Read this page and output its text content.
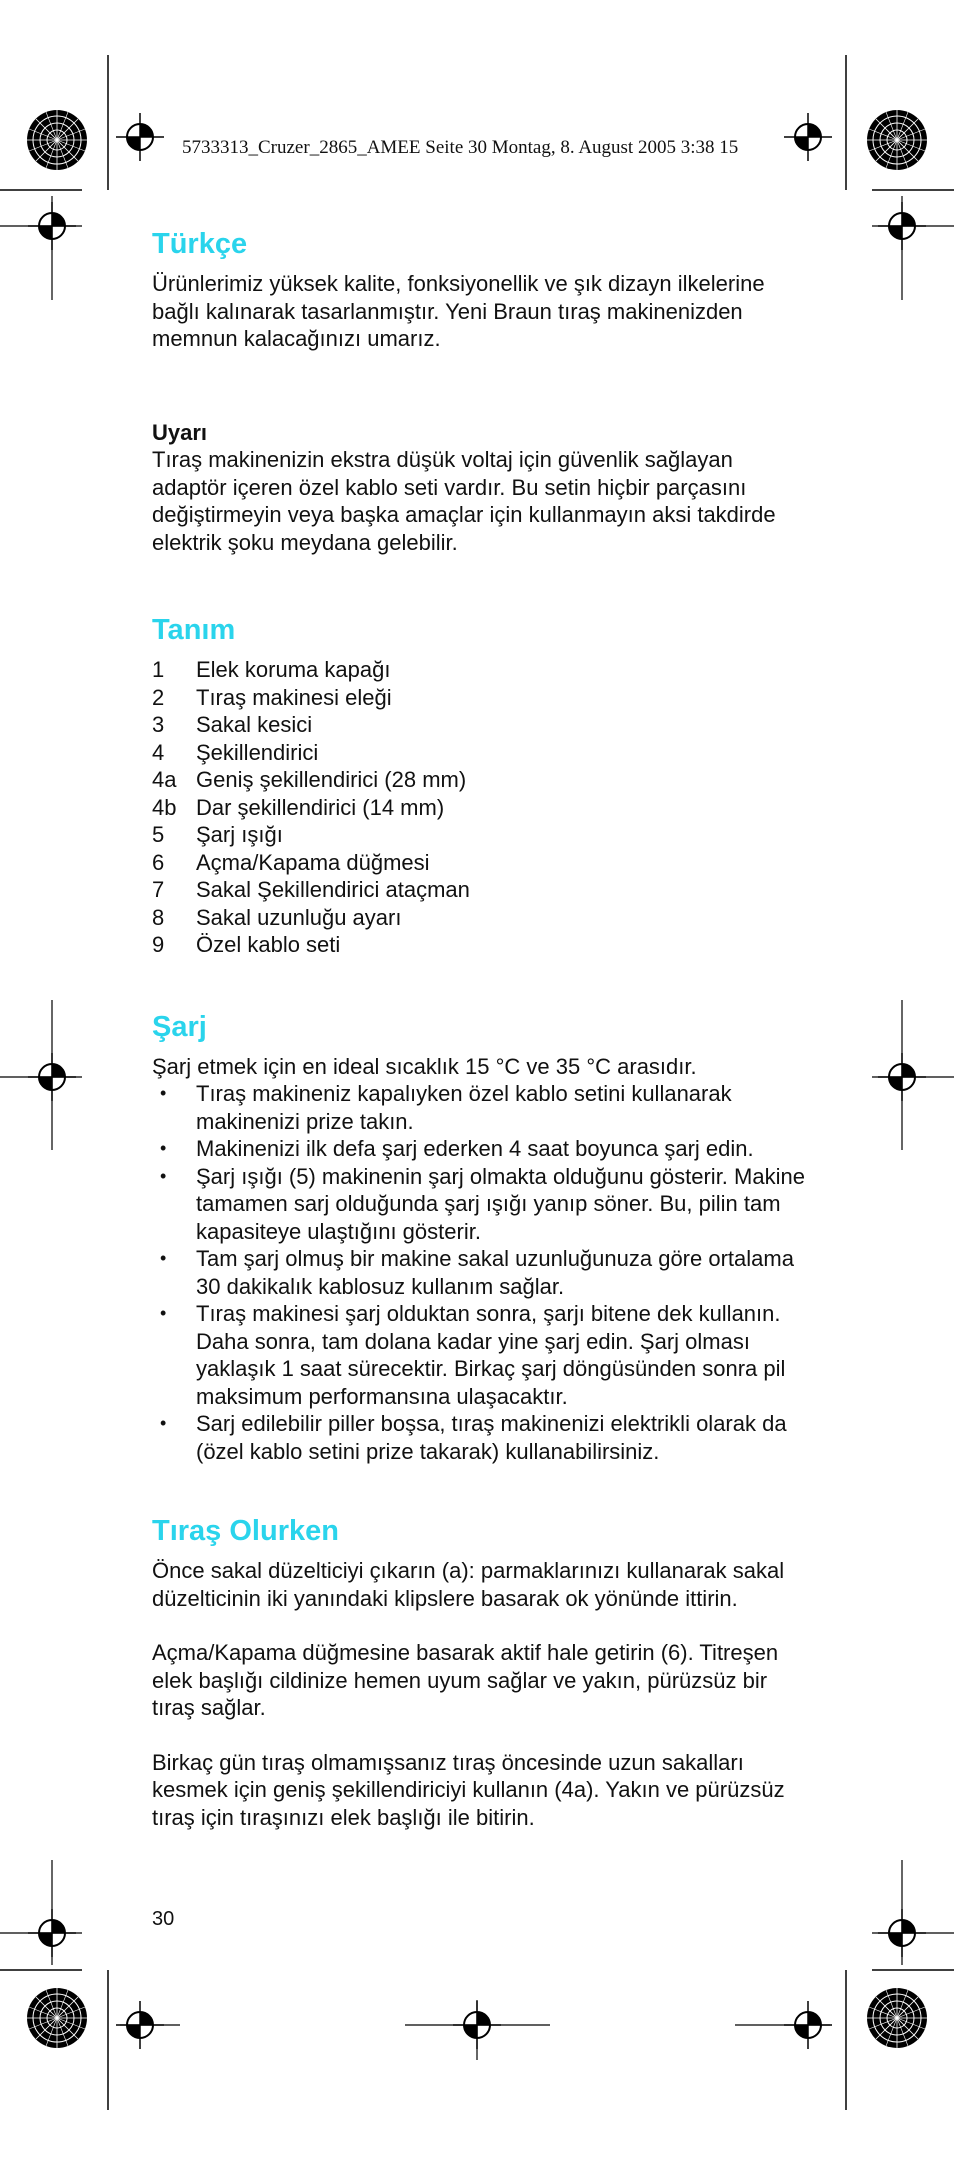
5733313_Cruzer_2865_AMEE Seite 30 Montag, 8. August 2005 3:38 15
Türkçe

Ürünlerimiz yüksek kalite, fonksiyonellik ve şık dizayn ilkelerine bağlı kalınarak tasarlanmıştır. Yeni Braun tıraş makinenizden memnun kalacağınızı umarız.

Uyarı

Tıraş makinenizin ekstra düşük voltaj için güvenlik sağlayan adaptör içeren özel kablo seti vardır. Bu setin hiçbir parçasını değiştirmeyin veya başka amaçlar için kullanmayın aksi takdirde elektrik şoku meydana gelebilir.

Tanım
1	Elek koruma kapağı
2	Tıraş makinesi eleği
3	Sakal kesici
4	Şekillendirici
4a Geniş şekillendirici (28 mm)
4b Dar şekillendirici (14 mm)
5	Şarj ışığı
6	Açma/Kapama düğmesi
7	Sakal Şekillendirici ataçman
8	Sakal uzunluğu ayarı
9	Özel kablo seti
Şarj

Şarj etmek için en ideal sıcaklık 15 °C ve 35 °C arasıdır.

•	Tıraş makineniz kapalıyken özel kablo setini kullanarak makinenizi prize takın.
•	Makinenizi ilk defa şarj ederken 4 saat boyunca şarj edin.
•	Şarj ışığı (5) makinenin şarj olmakta olduğunu gösterir. Makine tamamen sarj olduğunda şarj ışığı yanıp söner. Bu, pilin tam kapasiteye ulaştığını gösterir.
•	Tam şarj olmuş bir makine sakal uzunluğunuza göre ortalama 30 dakikalık kablosuz kullanım sağlar.
•	Tıraş makinesi şarj olduktan sonra, şarjı bitene dek kullanın. Daha sonra, tam dolana kadar yine şarj edin. Şarj olması yaklaşık 1 saat sürecektir. Birkaç şarj döngüsünden sonra pil maksimum performansına ulaşacaktır.
•	Sarj edilebilir piller boşsa, tıraş makinenizi elektrikli olarak da (özel kablo setini prize takarak) kullanabilirsiniz.
Tıraş Olurken

Önce sakal düzelticiyi çıkarın (a): parmaklarınızı kullanarak sakal düzelticinin iki yanındaki klipslere basarak ok yönünde ittirin.

Açma/Kapama düğmesine basarak aktif hale getirin (6). Titreşen elek başlığı cildinize hemen uyum sağlar ve yakın, pürüzsüz bir tıraş sağlar.

Birkaç gün tıraş olmamışsanız tıraş öncesinde uzun sakalları kesmek için geniş şekillendiriciyi kullanın (4a). Yakın ve pürüzsüz tıraş için tıraşınızı elek başlığı ile bitirin.

30
